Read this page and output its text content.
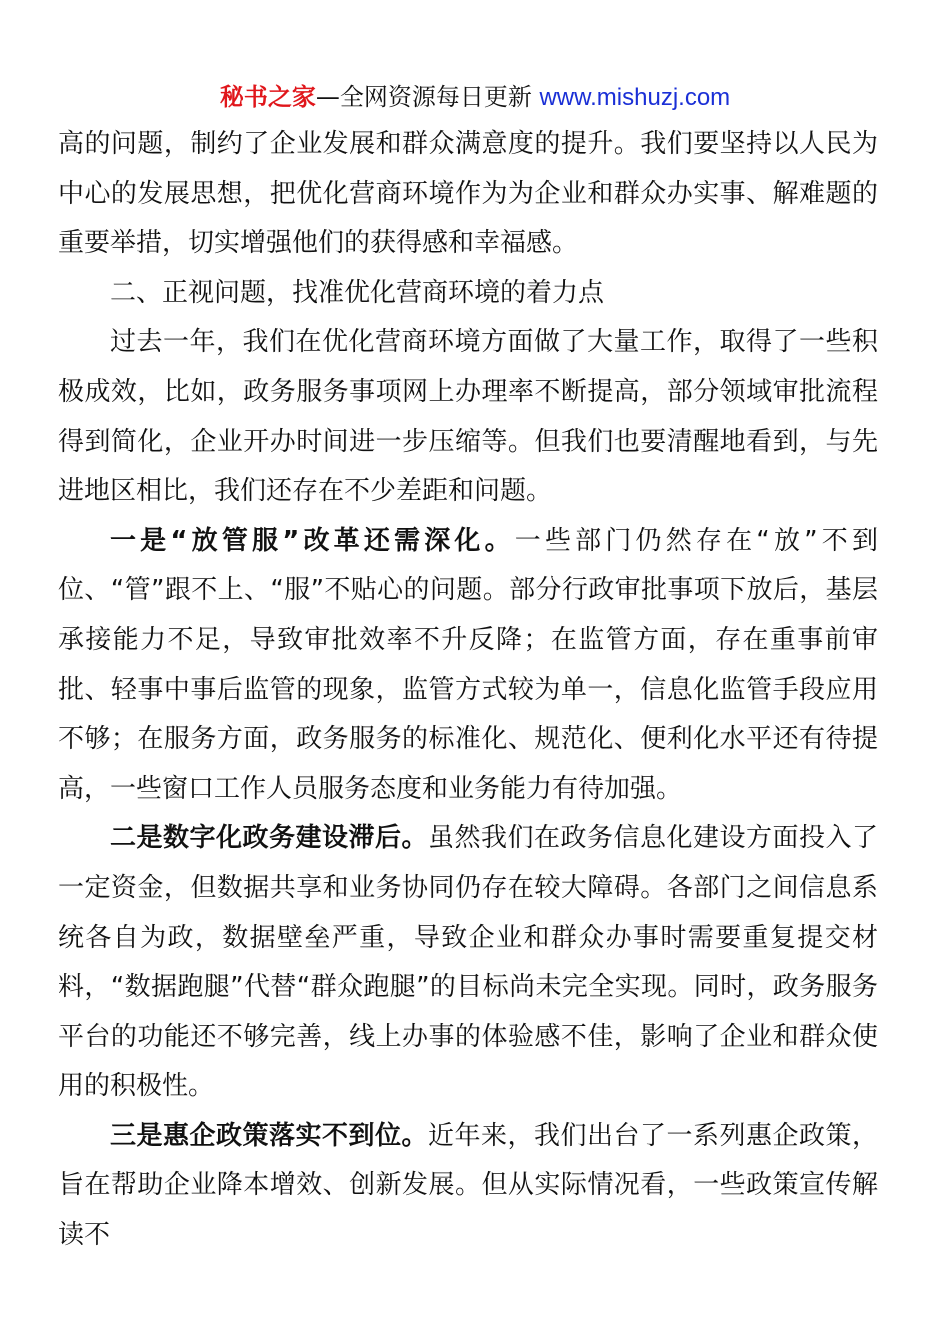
秘书之家—全网资源每日更新 www.mishuzj.com

高的问题，制约了企业发展和群众满意度的提升。我们要坚持以人民为中心的发展思想，把优化营商环境作为为企业和群众办实事、解难题的重要举措，切实增强他们的获得感和幸福感。

二、正视问题，找准优化营商环境的着力点

过去一年，我们在优化营商环境方面做了大量工作，取得了一些积极成效，比如，政务服务事项网上办理率不断提高，部分领域审批流程得到简化，企业开办时间进一步压缩等。但我们也要清醒地看到，与先进地区相比，我们还存在不少差距和问题。

一是“放管服”改革还需深化。一些部门仍然存在“放”不到位、“管”跟不上、“服”不贴心的问题。部分行政审批事项下放后，基层承接能力不足，导致审批效率不升反降；在监管方面，存在重事前审批、轻事中事后监管的现象，监管方式较为单一，信息化监管手段应用不够；在服务方面，政务服务的标准化、规范化、便利化水平还有待提高，一些窗口工作人员服务态度和业务能力有待加强。

二是数字化政务建设滞后。虽然我们在政务信息化建设方面投入了一定资金，但数据共享和业务协同仍存在较大障碍。各部门之间信息系统各自为政，数据壁垒严重，导致企业和群众办事时需要重复提交材料，“数据跑腿”代替“群众跑腿”的目标尚未完全实现。同时，政务服务平台的功能还不够完善，线上办事的体验感不佳，影响了企业和群众使用的积极性。

三是惠企政策落实不到位。近年来，我们出台了一系列惠企政策，旨在帮助企业降本增效、创新发展。但从实际情况看，一些政策宣传解读不
